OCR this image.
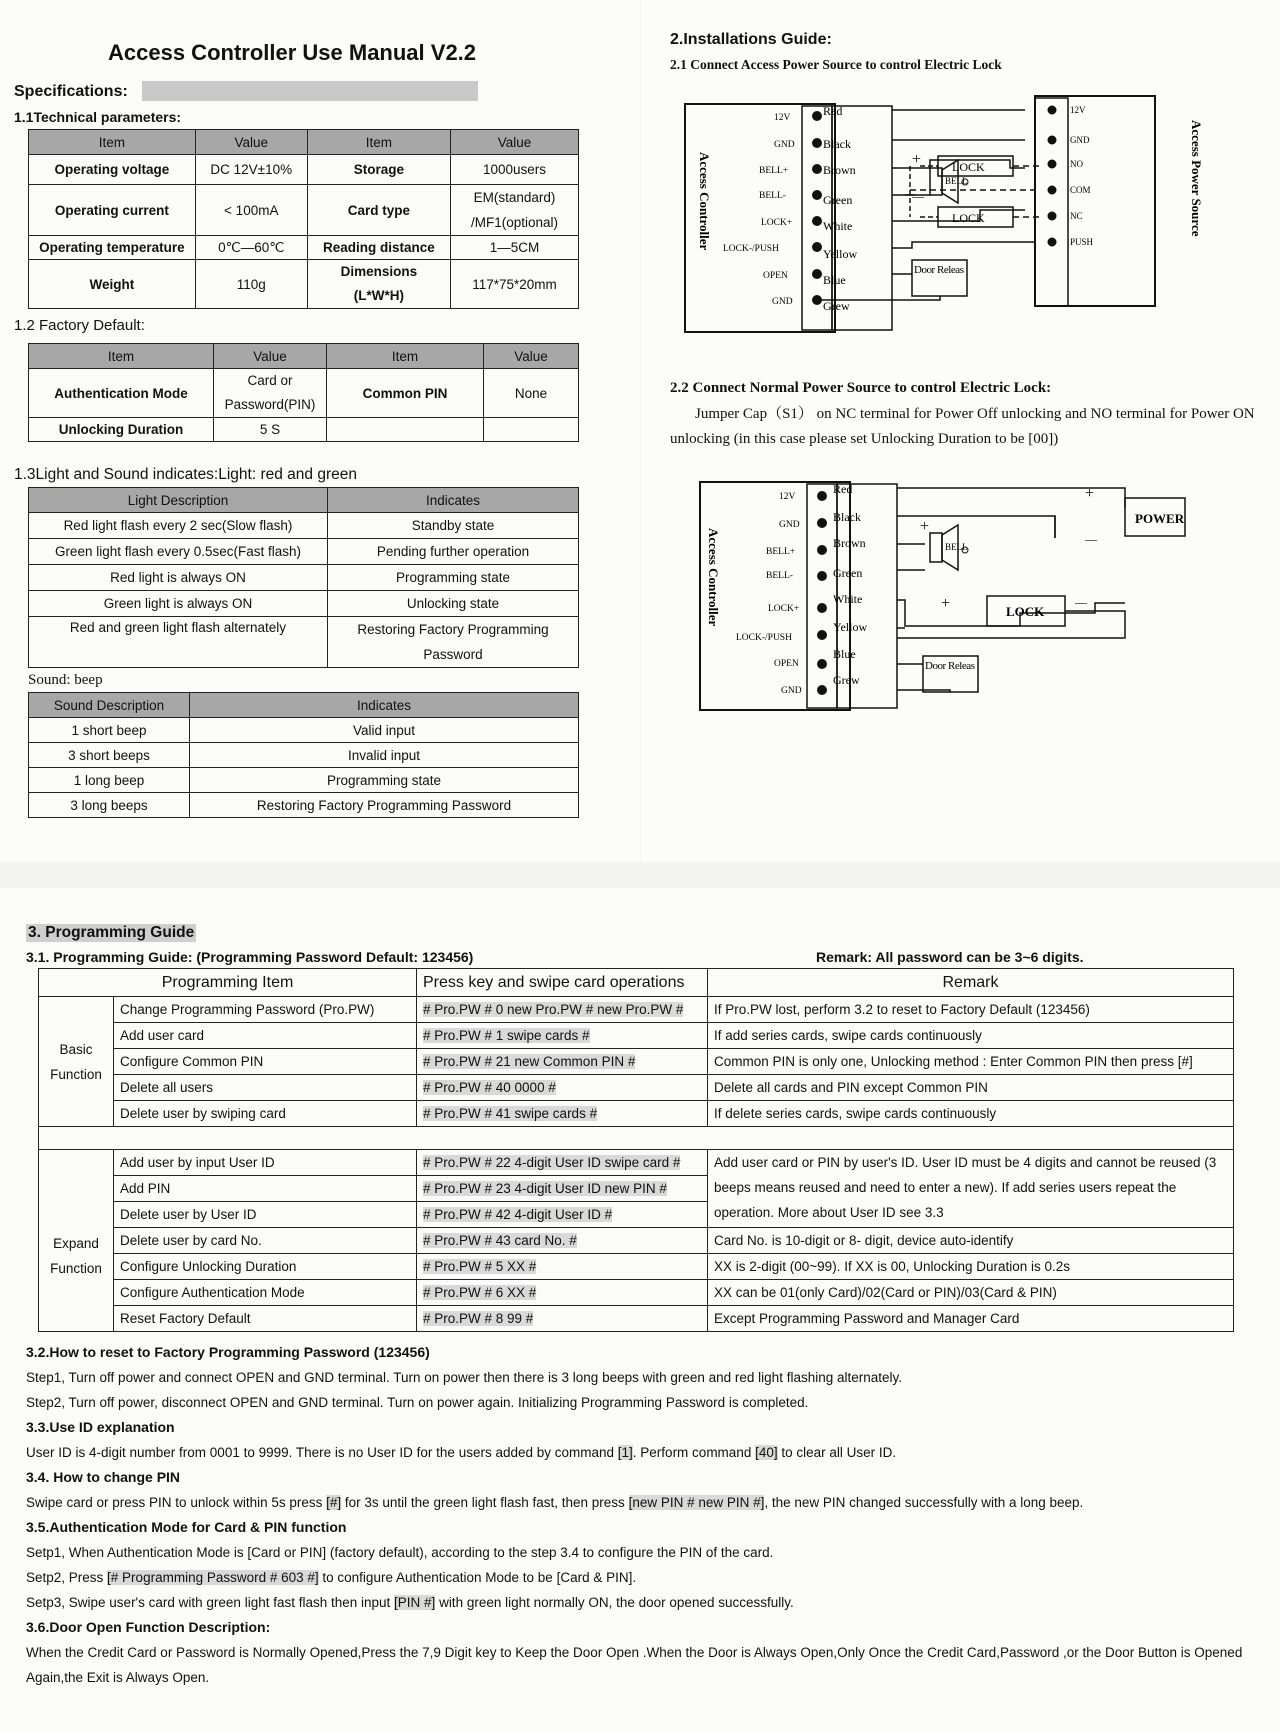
Access Controller Use Manual V2.2
Specifications:
1.1Technical parameters:
Item	Value	Item	Value
Operating voltage	DC 12V±10%	Storage	1000users
Operating current	< 100mA	Card type	EM(standard) /MF1(optional)
Operating temperature	0℃—60℃	Reading distance	1—5CM
Weight	110g	Dimensions (L*W*H)	117*75*20mm
1.2 Factory Default:
Item	Value	Item	Value
Authentication Mode	Card or Password(PIN)	Common PIN	None
Unlocking Duration	5 S		
1.3Light and Sound indicates:Light: red and green
Light Description	Indicates
Red light flash every 2 sec(Slow flash)	Standby state
Green light flash every 0.5sec(Fast flash)	Pending further operation
Red light is always ON	Programming state
Green light is always ON	Unlocking state
Red and green light flash alternately	Restoring Factory Programming Password
Sound: beep
Sound Description	Indicates
1 short beep	Valid input
3 short beeps	Invalid input
1 long beep	Programming state
3 long beeps	Restoring Factory Programming Password
2.Installations Guide:
2.1 Connect Access Power Source to control Electric Lock
Access Controller
12V
GND
BELL+
BELL-
LOCK+
LOCK-/PUSH
OPEN
GND
Red
Black
Brown
Green
White
Yellow
Blue
Grew
BELL
+
—
LOCK
LOCK
Door Releas
12V
GND
NO
COM
NC
PUSH
Access Power Source
2.2 Connect Normal Power Source to control Electric Lock:
Jumper Cap（S1） on NC terminal for Power Off unlocking and NO terminal for Power ON unlocking (in this case please set Unlocking Duration to be [00])
Access Controller
12V
GND
BELL+
BELL-
LOCK+
LOCK-/PUSH
OPEN
GND
Red
Black
Brown
Green
White
Yellow
Blue
Grew
BELL
+
+
+
—
—
POWER
LOCK
Door Releas
3. Programming Guide
3.1. Programming Guide: (Programming Password Default: 123456)	Remark: All password can be 3~6 digits.
Programming Item		Press key and swipe card operations	Remark
Basic Function	Change Programming Password (Pro.PW)	# Pro.PW # 0 new Pro.PW # new Pro.PW #	If Pro.PW lost, perform 3.2 to reset to Factory Default (123456)
	Add user card	# Pro.PW # 1 swipe cards #	If add series cards, swipe cards continuously
	Configure Common PIN	# Pro.PW # 21 new Common PIN #	Common PIN is only one, Unlocking method : Enter Common PIN then press [#]
	Delete all users	# Pro.PW # 40 0000 #	Delete all cards and PIN except Common PIN
	Delete user by swiping card	# Pro.PW # 41 swipe cards #	If delete series cards, swipe cards continuously

Expand Function	Add user by input User ID	# Pro.PW # 22 4-digit User ID swipe card #	Add user card or PIN by user's ID. User ID must be 4 digits and cannot be reused (3 beeps means reused and need to enter a new). If add series users repeat the operation. More about User ID see 3.3
	Add PIN	# Pro.PW # 23 4-digit User ID new PIN #	
	Delete user by User ID	# Pro.PW # 42 4-digit User ID #	
	Delete user by card No.	# Pro.PW # 43 card No. #	Card No. is 10-digit or 8- digit, device auto-identify
	Configure Unlocking Duration	# Pro.PW # 5 XX #	XX is 2-digit (00~99). If XX is 00, Unlocking Duration is 0.2s
	Configure Authentication Mode	# Pro.PW # 6 XX #	XX can be 01(only Card)/02(Card or PIN)/03(Card & PIN)
	Reset Factory Default	# Pro.PW # 8 99 #	Except Programming Password and Manager Card
3.2.How to reset to Factory Programming Password (123456)
Step1, Turn off power and connect OPEN and GND terminal. Turn on power then there is 3 long beeps with green and red light flashing alternately.
Step2, Turn off power, disconnect OPEN and GND terminal. Turn on power again. Initializing Programming Password is completed.
3.3.Use ID explanation
User ID is 4-digit number from 0001 to 9999. There is no User ID for the users added by command [1]. Perform command [40] to clear all User ID.
3.4. How to change PIN
Swipe card or press PIN to unlock within 5s press [#] for 3s until the green light flash fast, then press [new PIN # new PIN #], the new PIN changed successfully with a long beep.
3.5.Authentication Mode for Card & PIN function
Setp1, When Authentication Mode is [Card or PIN] (factory default), according to the step 3.4 to configure the PIN of the card.
Setp2, Press [# Programming Password # 603 #] to configure Authentication Mode to be [Card & PIN].
Setp3, Swipe user's card with green light fast flash then input [PIN #] with green light normally ON, the door opened successfully.
3.6.Door Open Function Description:
When the Credit Card or Password is Normally Opened,Press the 7,9 Digit key to Keep the Door Open .When the Door is Always Open,Only Once the Credit Card,Password ,or the Door Button is Opened Again,the Exit is Always Open.
